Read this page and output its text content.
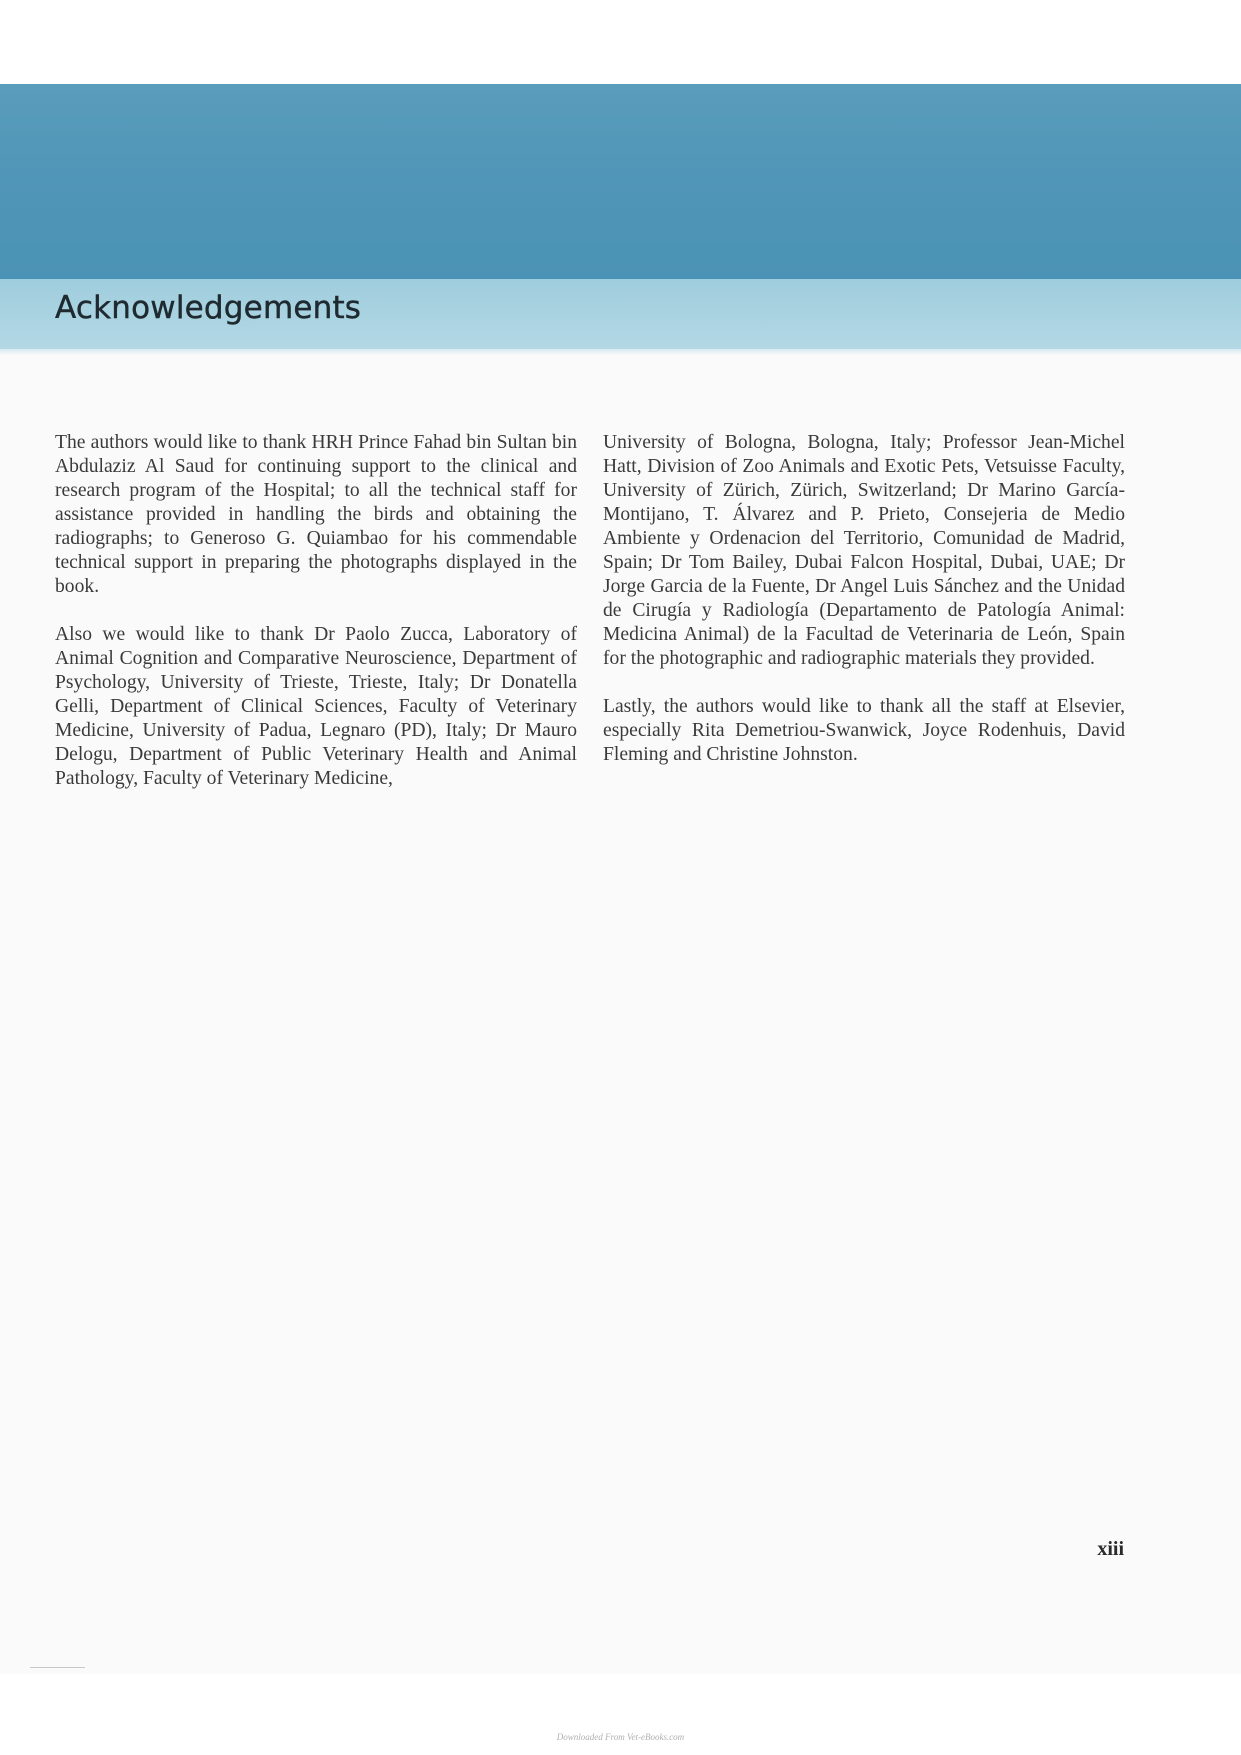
Acknowledgements

The authors would like to thank HRH Prince Fahad bin Sultan bin Abdulaziz Al Saud for continuing support to the clinical and research program of the Hospital; to all the technical staff for assistance provided in handling the birds and obtaining the radiographs; to Generoso G. Quiambao for his commendable technical support in preparing the photographs displayed in the book.

Also we would like to thank Dr Paolo Zucca, Laboratory of Animal Cognition and Comparative Neuroscience, Department of Psychology, University of Trieste, Trieste, Italy; Dr Donatella Gelli, Department of Clinical Sciences, Faculty of Veterinary Medicine, University of Padua, Legnaro (PD), Italy; Dr Mauro Delogu, Department of Public Veterinary Health and Animal Pathology, Faculty of Veterinary Medicine,

University of Bologna, Bologna, Italy; Professor Jean-Michel Hatt, Division of Zoo Animals and Exotic Pets, Vetsuisse Faculty, University of Zürich, Zürich, Switzerland; Dr Marino García-Montijano, T. Álvarez and P. Prieto, Consejeria de Medio Ambiente y Ordenacion del Territorio, Comunidad de Madrid, Spain; Dr Tom Bailey, Dubai Falcon Hospital, Dubai, UAE; Dr Jorge Garcia de la Fuente, Dr Angel Luis Sánchez and the Unidad de Cirugía y Radiología (Departamento de Patología Animal: Medicina Animal) de la Facultad de Veterinaria de León, Spain for the photographic and radiographic materials they provided.

Lastly, the authors would like to thank all the staff at Elsevier, especially Rita Demetriou-Swanwick, Joyce Rodenhuis, David Fleming and Christine Johnston.

xiii
Downloaded From Vet-eBooks.com
